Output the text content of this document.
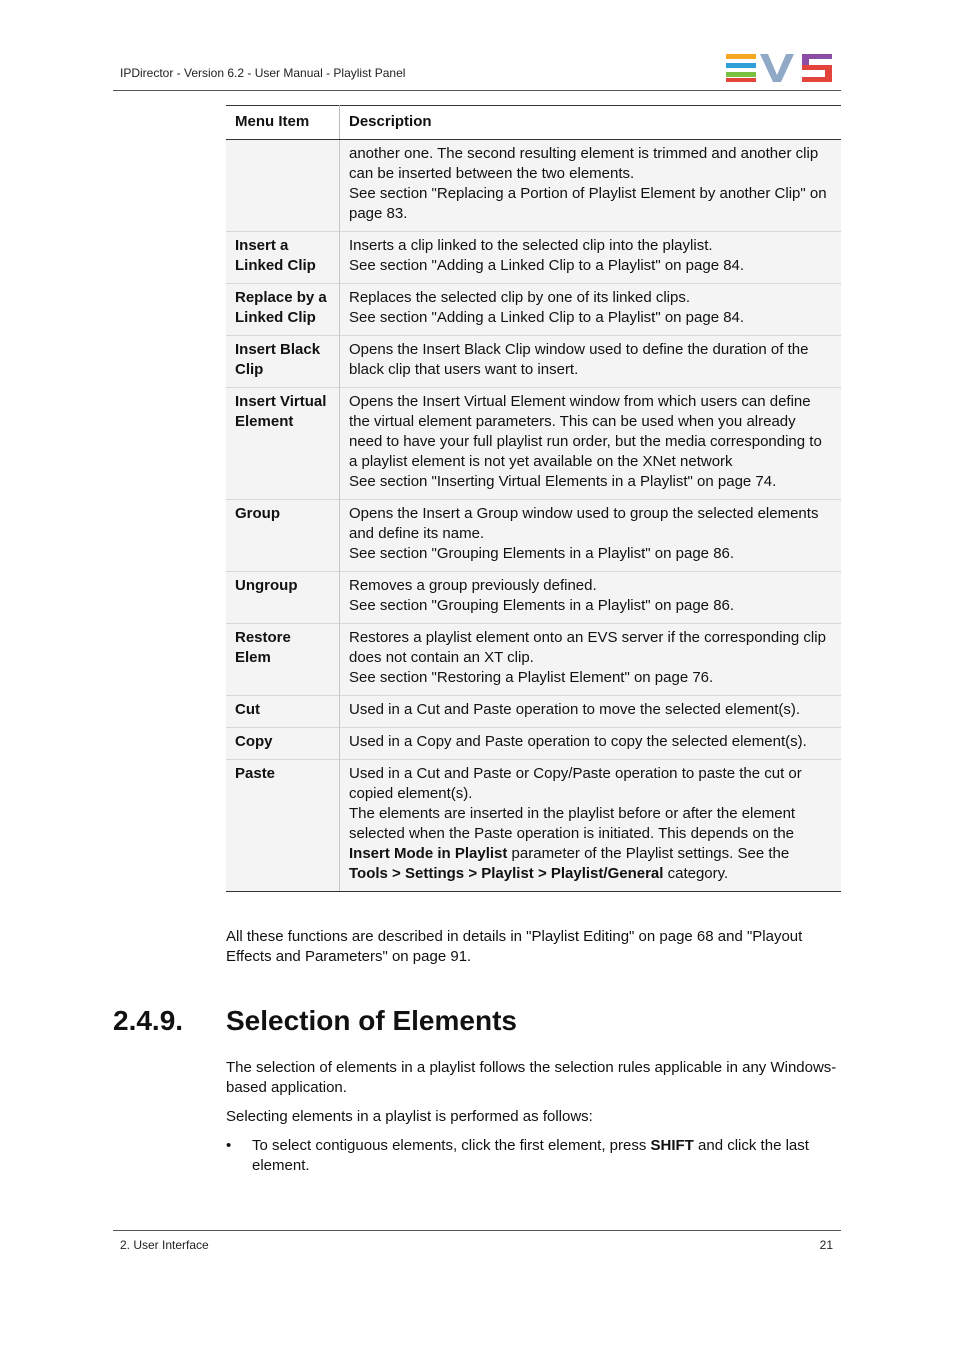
IPDirector - Version 6.2 - User Manual - Playlist Panel
Menu Item	Description

	another one. The second resulting element is trimmed and another clip can be inserted between the two elements.
See section "Replacing a Portion of Playlist Element by another Clip" on page 83.

Insert a Linked Clip	Inserts a clip linked to the selected clip into the playlist.
See section "Adding a Linked Clip to a Playlist" on page 84.

Replace by a Linked Clip	Replaces the selected clip by one of its linked clips.
See section "Adding a Linked Clip to a Playlist" on page 84.

Insert Black Clip	Opens the Insert Black Clip window used to define the duration of the black clip that users want to insert.

Insert Virtual Element	Opens the Insert Virtual Element window from which users can define the virtual element parameters. This can be used when you already need to have your full playlist run order, but the media corresponding to a playlist element is not yet available on the XNet network
See section "Inserting Virtual Elements in a Playlist" on page 74.

Group	Opens the Insert a Group window used to group the selected elements and define its name.
See section "Grouping Elements in a Playlist" on page 86.

Ungroup	Removes a group previously defined.
See section "Grouping Elements in a Playlist" on page 86.

Restore Elem	Restores a playlist element onto an EVS server if the corresponding clip does not contain an XT clip.
See section "Restoring a Playlist Element" on page 76.

Cut	Used in a Cut and Paste operation to move the selected element(s).

Copy	Used in a Copy and Paste operation to copy the selected element(s).

Paste	Used in a Cut and Paste or Copy/Paste operation to paste the cut or copied element(s).
The elements are inserted in the playlist before or after the element selected when the Paste operation is initiated. This depends on the Insert Mode in Playlist parameter of the Playlist settings. See the Tools > Settings > Playlist > Playlist/General category.
All these functions are described in details in "Playlist Editing" on page 68 and "Playout Effects and Parameters" on page 91.
2.4.9. Selection of Elements
The selection of elements in a playlist follows the selection rules applicable in any Windows-based application.
Selecting elements in a playlist is performed as follows:
• To select contiguous elements, click the first element, press SHIFT and click the last element.
2. User Interface	21
